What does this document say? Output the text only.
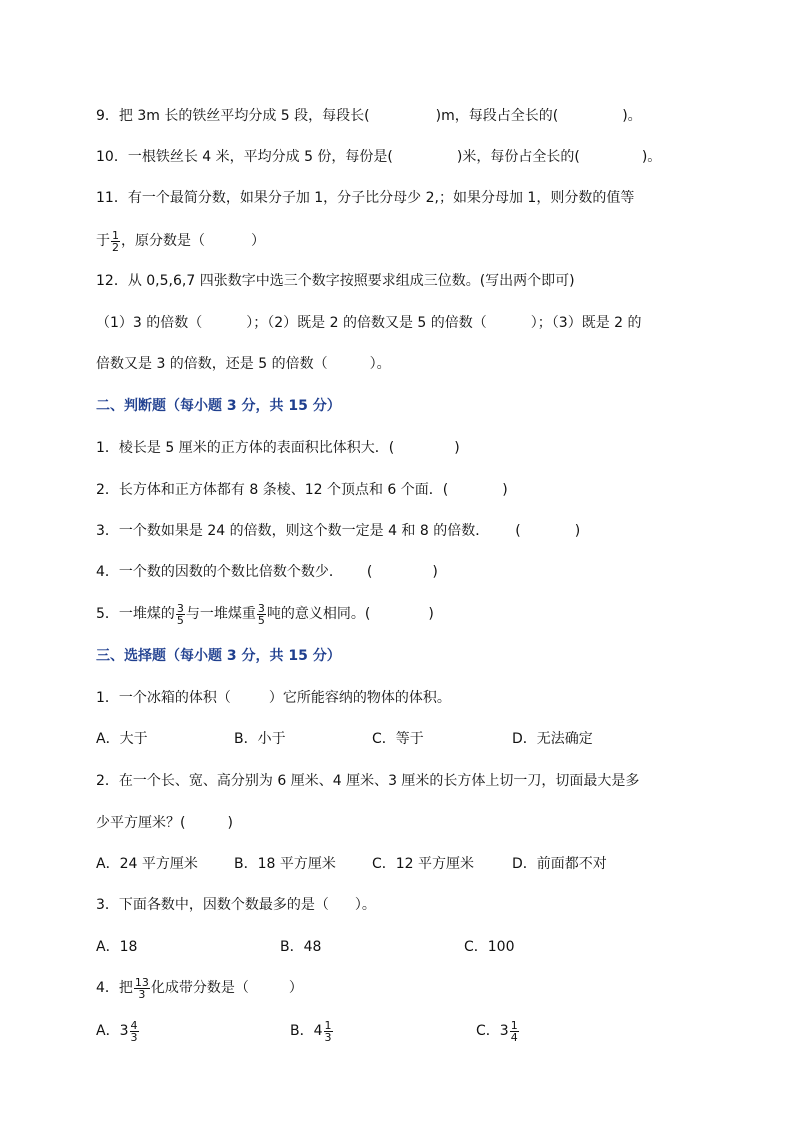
9．把 3m 长的铁丝平均分成 5 段，每段长(	)m，每段占全长的(	)。
10．一根铁丝长 4 米，平均分成 5 份，每份是(	)米，每份占全长的(	)。
11．有一个最简分数，如果分子加 1，分子比分母少 2,；如果分母加 1，则分数的值等
于 $\frac{1}{2}$ ，原分数是（	）
12．从 0,5,6,7 四张数字中选三个数字按照要求组成三位数。(写出两个即可)
（1）3 的倍数（	）；（2）既是 2 的倍数又是 5 的倍数（	）；（3）既是 2 的
倍数又是 3 的倍数，还是 5 的倍数（	）。
二、判断题（每小题 3 分，共 15 分）
1．棱长是 5 厘米的正方体的表面积比体积大．(	)
2．长方体和正方体都有 8 条棱、12 个顶点和 6 个面．(	)
3．一个数如果是 24 的倍数，则这个数一定是 4 和 8 的倍数． (	)
4．一个数的因数的个数比倍数个数少． (	)
5．一堆煤的 $\frac{3}{5}$ 与一堆煤重 $\frac{3}{5}$ 吨的意义相同。(	)
三、选择题（每小题 3 分，共 15 分）
1．一个冰箱的体积（	）它所能容纳的物体的体积。
A．大于	B．小于	C．等于	D．无法确定
2．在一个长、宽、高分别为 6 厘米、4 厘米、3 厘米的长方体上切一刀，切面最大是多
少平方厘米？(	)
A．24 平方厘米	B．18 平方厘米	C．12 平方厘米	D．前面都不对
3．下面各数中，因数个数最多的是（ ）。
A．18	B．48	C．100
4．把 $\frac{13}{3}$ 化成带分数是（	）
A．$3 \frac{4}{3}$	B．$4 \frac{1}{3}$	C．$3 \frac{1}{4}$
